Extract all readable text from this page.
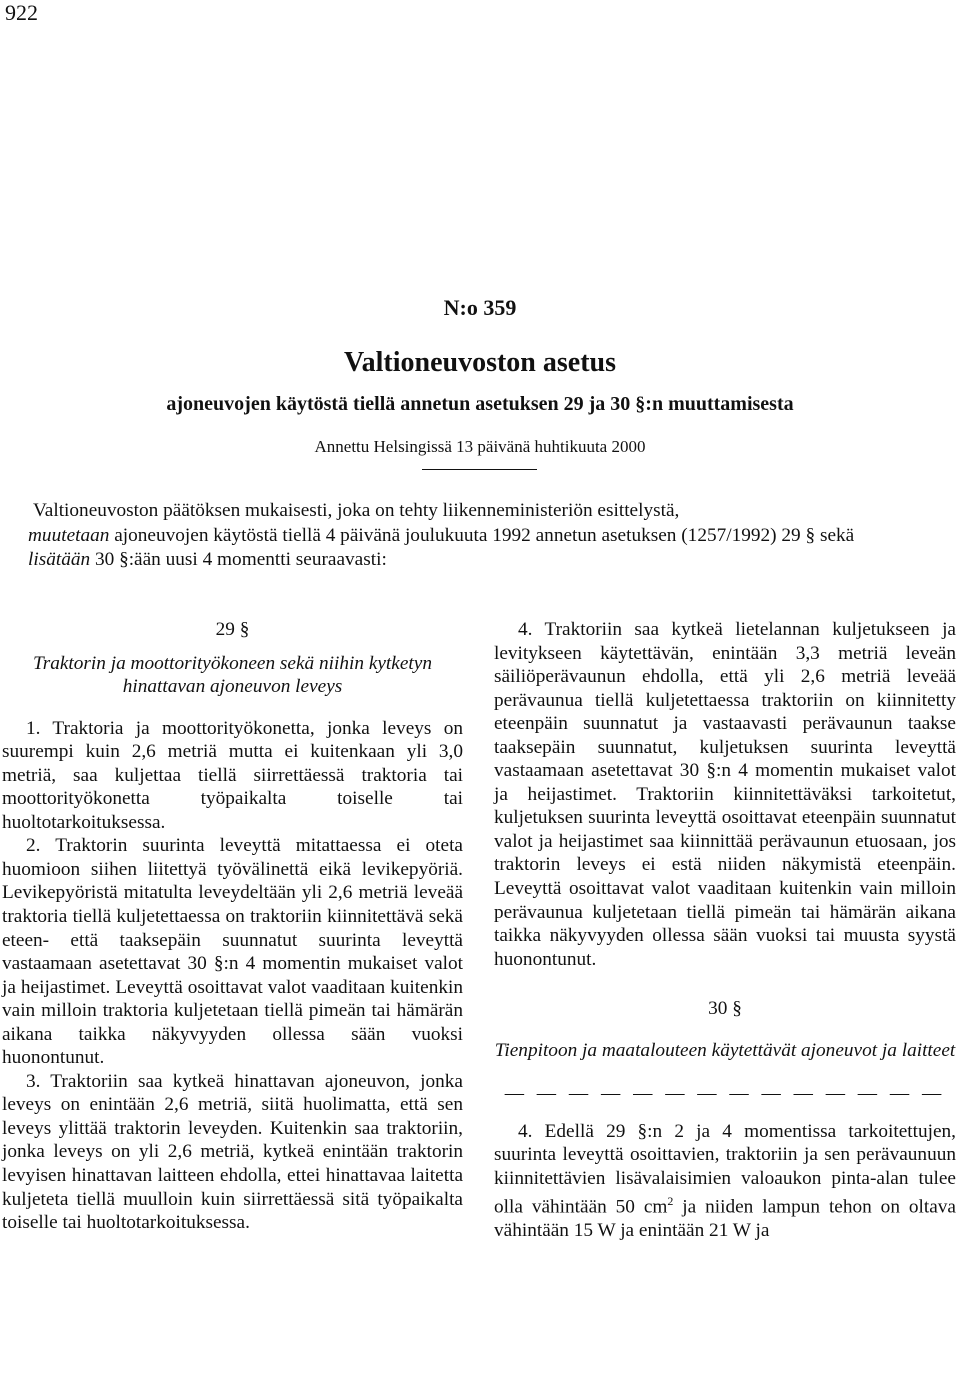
922
N:o 359
Valtioneuvoston asetus
ajoneuvojen käytöstä tiellä annetun asetuksen 29 ja 30 §:n muuttamisesta
Annettu Helsingissä 13 päivänä huhtikuuta 2000

Valtioneuvoston päätöksen mukaisesti, joka on tehty liikenneministeriön esittelystä,

muutetaan ajoneuvojen käytöstä tiellä 4 päivänä joulukuuta 1992 annetun asetuksen (1257/1992) 29 § sekä

lisätään 30 §:ään uusi 4 momentti seuraavasti:

29 §

Traktorin ja moottorityökoneen sekä niihin kytketyn hinattavan ajoneuvon leveys

1. Traktoria ja moottorityökonetta, jonka leveys on suurempi kuin 2,6 metriä mutta ei kuitenkaan yli 3,0 metriä, saa kuljettaa tiellä siirrettäessä traktoria tai moottorityökonetta työpaikalta toiselle tai huoltotarkoituksessa.

2. Traktorin suurinta leveyttä mitattaessa ei oteta huomioon siihen liitettyä työvälinettä eikä levikepyöriä. Levikepyöristä mitatulta leveydeltään yli 2,6 metriä leveää traktoria tiellä kuljetettaessa on traktoriin kiinnitettävä sekä eteen- että taaksepäin suunnatut suurinta leveyttä vastaamaan asetettavat 30 §:n 4 momentin mukaiset valot ja heijastimet. Leveyttä osoittavat valot vaaditaan kuitenkin vain milloin traktoria kuljetetaan tiellä pimeän tai hämärän aikana taikka näkyvyyden ollessa sään vuoksi huonontunut.

3. Traktoriin saa kytkeä hinattavan ajoneuvon, jonka leveys on enintään 2,6 metriä, siitä huolimatta, että sen leveys ylittää traktorin leveyden. Kuitenkin saa traktoriin, jonka leveys on yli 2,6 metriä, kytkeä enintään traktorin levyisen hinattavan laitteen ehdolla, ettei hinattavaa laitetta kuljeteta tiellä muulloin kuin siirrettäessä sitä työpaikalta toiselle tai huoltotarkoituksessa.

4. Traktoriin saa kytkeä lietelannan kuljetukseen ja levitykseen käytettävän, enintään 3,3 metriä leveän säiliöperävaunun ehdolla, että yli 2,6 metriä leveää perävaunua tiellä kuljetettaessa traktoriin on kiinnitetty eteenpäin suunnatut ja vastaavasti perävaunun taakse taaksepäin suunnatut, kuljetuksen suurinta leveyttä vastaamaan asetettavat 30 §:n 4 momentin mukaiset valot ja heijastimet. Traktoriin kiinnitettäväksi tarkoitetut, kuljetuksen suurinta leveyttä osoittavat eteenpäin suunnatut valot ja heijastimet saa kiinnittää perävaunun etuosaan, jos traktorin leveys ei estä niiden näkymistä eteenpäin. Leveyttä osoittavat valot vaaditaan kuitenkin vain milloin perävaunua kuljetetaan tiellä pimeän tai hämärän aikana taikka näkyvyyden ollessa sään vuoksi tai muusta syystä huonontunut.

30 §

Tienpitoon ja maatalouteen käytettävät ajoneuvot ja laitteet

— — — — — — — — — — — — — —

4. Edellä 29 §:n 2 ja 4 momentissa tarkoitettujen, suurinta leveyttä osoittavien, traktoriin ja sen perävaunuun kiinnitettävien lisävalaisimien valoaukon pinta-alan tulee olla vähintään 50 $cm^2$ ja niiden lampun tehon on oltava vähintään 15 W ja enintään 21 W ja
